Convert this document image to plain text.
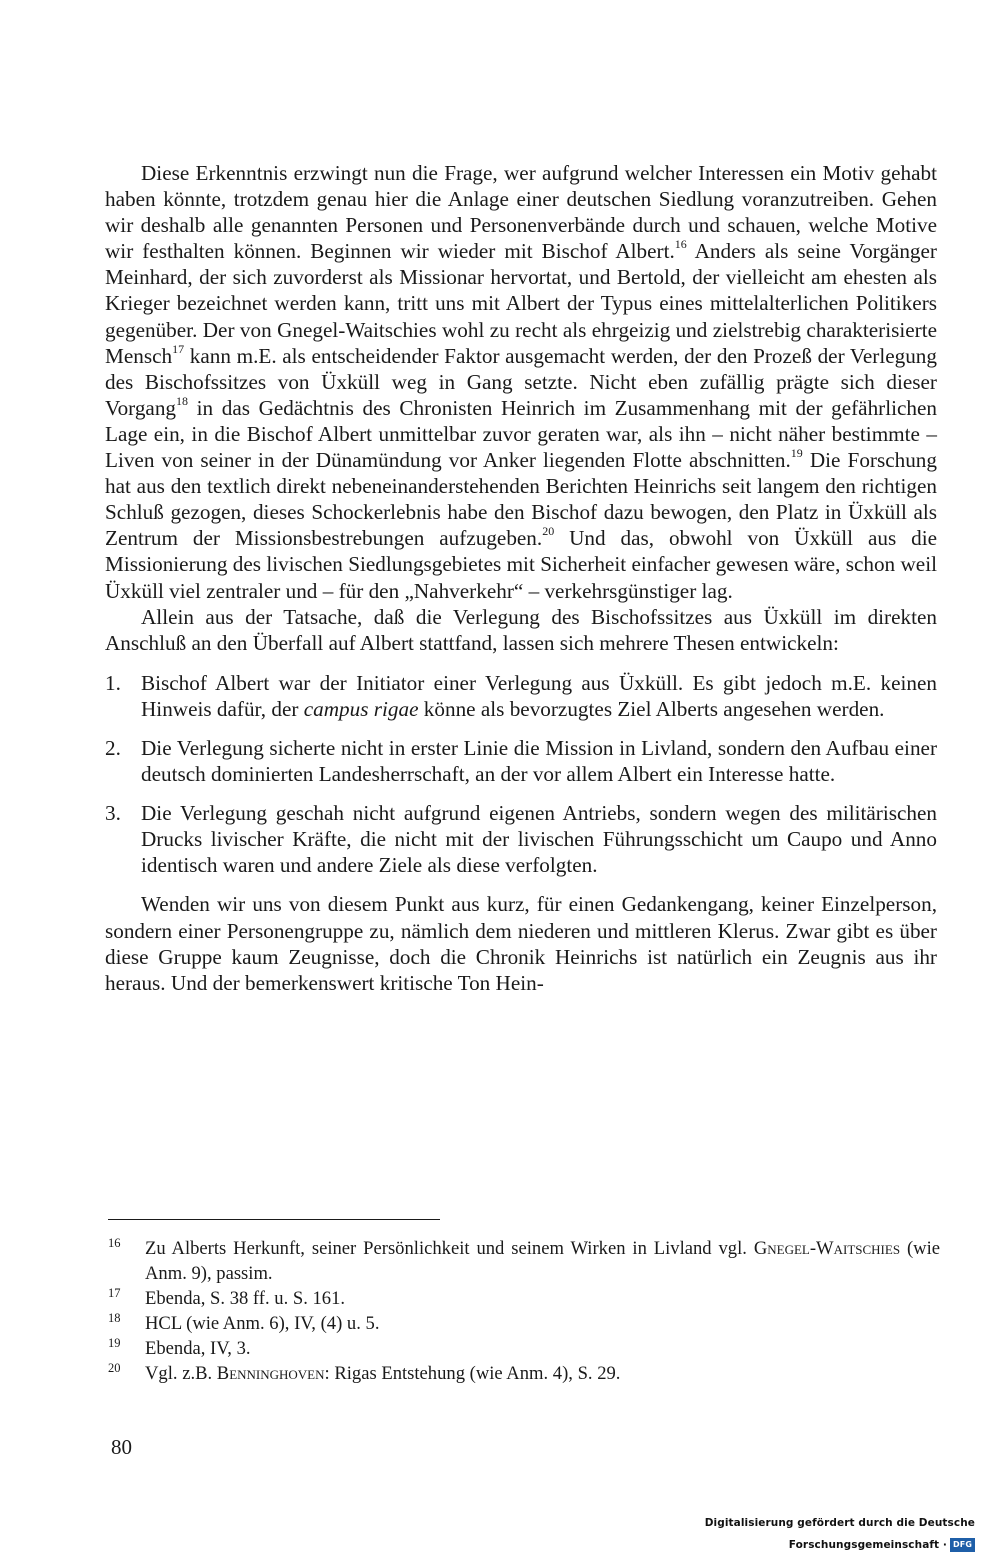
Diese Erkenntnis erzwingt nun die Frage, wer aufgrund welcher Interessen ein Motiv gehabt haben könnte, trotzdem genau hier die Anlage einer deutschen Siedlung voranzutreiben. Gehen wir deshalb alle genannten Personen und Personenverbände durch und schauen, welche Motive wir festhalten können. Beginnen wir wieder mit Bischof Albert.$^{16}$ Anders als seine Vorgänger Meinhard, der sich zuvorderst als Missionar hervortat, und Bertold, der vielleicht am ehesten als Krieger bezeichnet werden kann, tritt uns mit Albert der Typus eines mittelalterlichen Politikers gegenüber. Der von Gnegel-Waitschies wohl zu recht als ehrgeizig und zielstrebig charakterisierte Mensch$^{17}$ kann m.E. als entscheidender Faktor ausgemacht werden, der den Prozeß der Verlegung des Bischofssitzes von Üxküll weg in Gang setzte. Nicht eben zufällig prägte sich dieser Vorgang$^{18}$ in das Gedächtnis des Chronisten Heinrich im Zusammenhang mit der gefährlichen Lage ein, in die Bischof Albert unmittelbar zuvor geraten war, als ihn – nicht näher bestimmte – Liven von seiner in der Dünamündung vor Anker liegenden Flotte abschnitten.$^{19}$ Die Forschung hat aus den textlich direkt nebeneinanderstehenden Berichten Heinrichs seit langem den richtigen Schluß gezogen, dieses Schockerlebnis habe den Bischof dazu bewogen, den Platz in Üxküll als Zentrum der Missionsbestrebungen aufzugeben.$^{20}$ Und das, obwohl von Üxküll aus die Missionierung des livischen Siedlungsgebietes mit Sicherheit einfacher gewesen wäre, schon weil Üxküll viel zentraler und – für den „Nahverkehr“ – verkehrsgünstiger lag.

Allein aus der Tatsache, daß die Verlegung des Bischofssitzes aus Üxküll im direkten Anschluß an den Überfall auf Albert stattfand, lassen sich mehrere Thesen entwickeln:

1. Bischof Albert war der Initiator einer Verlegung aus Üxküll. Es gibt jedoch m.E. keinen Hinweis dafür, der campus rigae könne als bevorzugtes Ziel Alberts angesehen werden.
2. Die Verlegung sicherte nicht in erster Linie die Mission in Livland, sondern den Aufbau einer deutsch dominierten Landesherrschaft, an der vor allem Albert ein Interesse hatte.
3. Die Verlegung geschah nicht aufgrund eigenen Antriebs, sondern wegen des militärischen Drucks livischer Kräfte, die nicht mit der livischen Führungsschicht um Caupo und Anno identisch waren und andere Ziele als diese verfolgten.

Wenden wir uns von diesem Punkt aus kurz, für einen Gedankengang, keiner Einzelperson, sondern einer Personengruppe zu, nämlich dem niederen und mittleren Klerus. Zwar gibt es über diese Gruppe kaum Zeugnisse, doch die Chronik Heinrichs ist natürlich ein Zeugnis aus ihr heraus. Und der bemerkenswert kritische Ton Hein-

16 Zu Alberts Herkunft, seiner Persönlichkeit und seinem Wirken in Livland vgl. Gnegel-Waitschies (wie Anm. 9), passim.
17 Ebenda, S. 38 ff. u. S. 161.
18 HCL (wie Anm. 6), IV, (4) u. 5.
19 Ebenda, IV, 3.
20 Vgl. z.B. Benninghoven: Rigas Entstehung (wie Anm. 4), S. 29.
80
Digitalisierung gefördert durch die Deutsche Forschungsgemeinschaft · DFG
